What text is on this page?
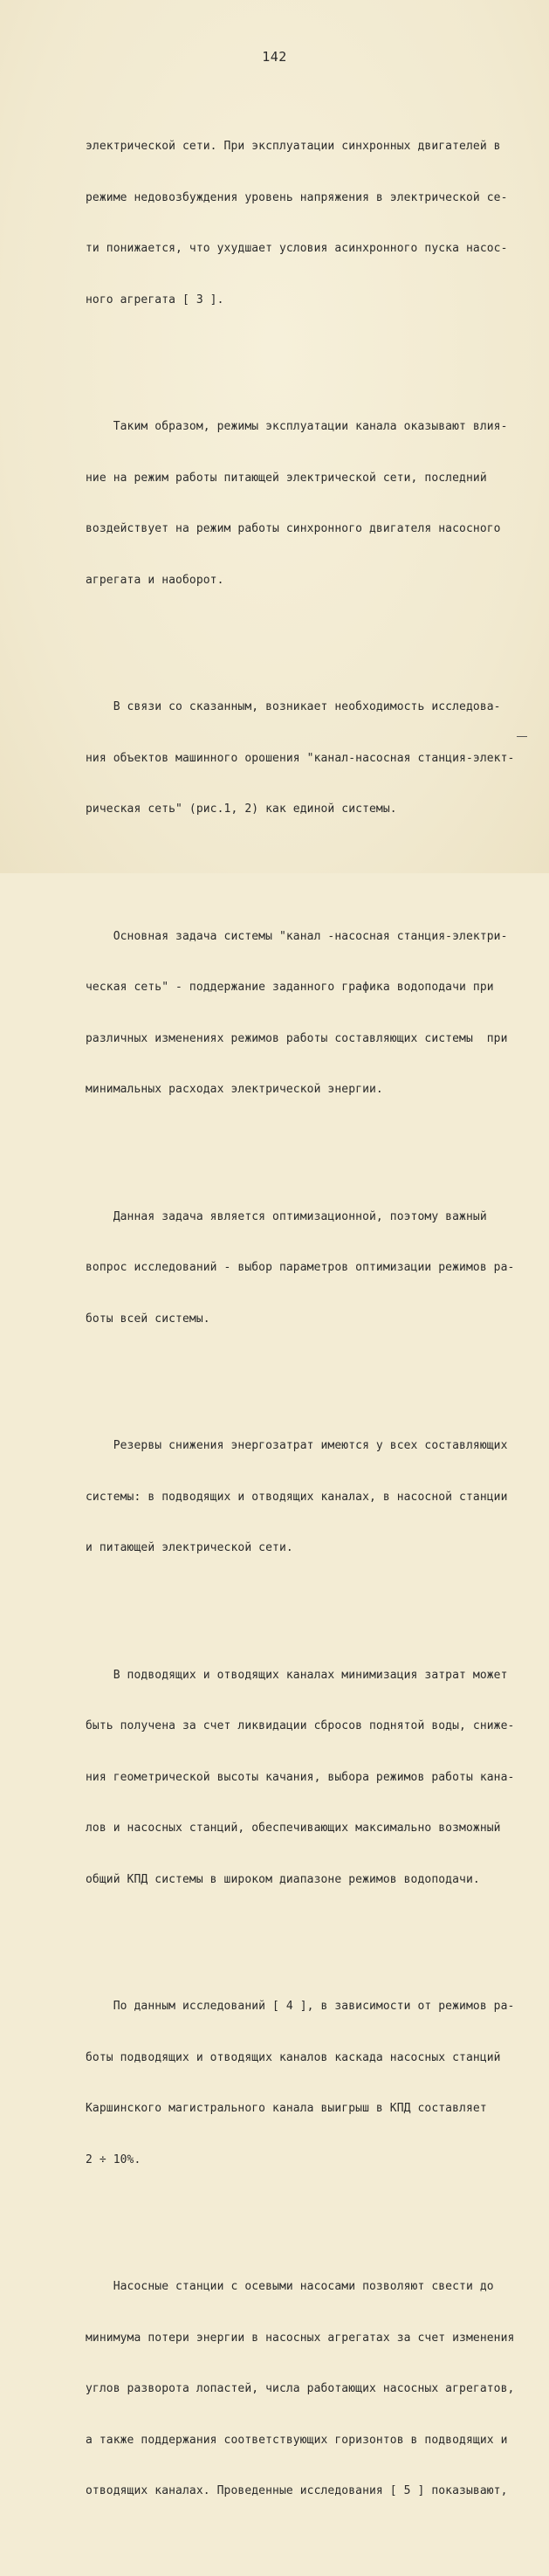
142

электрической сети. При эксплуатации синхронных двигателей в

режиме недовозбуждения уровень напряжения в электрической се-

ти понижается, что ухудшает условия асинхронного пуска насос-

ного агрегата [ 3 ].

Таким образом, режимы эксплуатации канала оказывают влия-

ние на режим работы питающей электрической сети, последний

воздействует на режим работы синхронного двигателя насосного

агрегата и наоборот.

В связи со сказанным, возникает необходимость исследова-

ния объектов машинного орошения "канал-насосная станция-элект-

рическая сеть" (рис.1, 2) как единой системы.

Основная задача системы "канал -насосная станция-электри-

ческая сеть" - поддержание заданного графика водоподачи при

различных изменениях режимов работы составляющих системы  при

минимальных расходах электрической энергии.

Данная задача является оптимизационной, поэтому важный

вопрос исследований - выбор параметров оптимизации режимов ра-

боты всей системы.

Резервы снижения энергозатрат имеются у всех составляющих

системы: в подводящих и отводящих каналах, в насосной станции

и питающей электрической сети.

В подводящих и отводящих каналах минимизация затрат может

быть получена за счет ликвидации сбросов поднятой воды, сниже-

ния геометрической высоты качания, выбора режимов работы кана-

лов и насосных станций, обеспечивающих максимально возможный

общий КПД системы в широком диапазоне режимов водоподачи.

По данным исследований [ 4 ], в зависимости от режимов ра-

боты подводящих и отводящих каналов каскада насосных станций

Каршинского магистрального канала выигрыш в КПД составляет

2 ÷ 10%.

Насосные станции с осевыми насосами позволяют свести до

минимума потери энергии в насосных агрегатах за счет изменения

углов разворота лопастей, числа работающих насосных агрегатов,

а также поддержания соответствующих горизонтов в подводящих и

отводящих каналах. Проведенные исследования [ 5 ] показывают,
